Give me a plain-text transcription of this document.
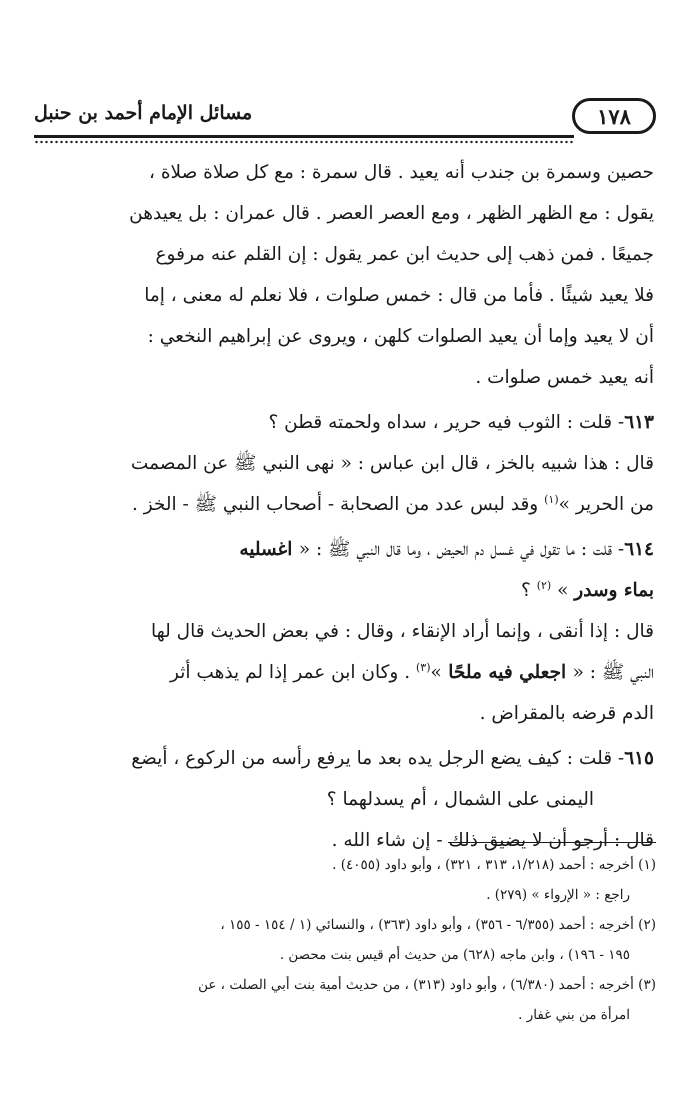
١٧٨
مسائل الإمام أحمد بن حنبل
حصين وسمرة بن جندب أنه يعيد . قال سمرة : مع كل صلاة صلاة ،
يقول : مع الظهر الظهر ، ومع العصر العصر . قال عمران : بل يعيدهن
جميعًا . فمن ذهب إلى حديث ابن عمر يقول : إن القلم عنه مرفوع
فلا يعيد شيئًا . فأما من قال : خمس صلوات ، فلا نعلم له معنى ، إما
أن لا يعيد وإما أن يعيد الصلوات كلهن ، ويروى عن إبراهيم النخعي :
أنه يعيد خمس صلوات .
٦١٣- قلت : الثوب فيه حرير ، سداه ولحمته قطن ؟
قال : هذا شبيه بالخز ، قال ابن عباس : « نهى النبي ﷺ عن المصمت
من الحرير »$^{(١)}$ وقد لبس عدد من الصحابة - أصحاب النبي ﷺ - الخز .
٦١٤- قلت : ما تقول في غسل دم الحيض ، وما قال النبي ﷺ : « اغسليه
بماء وسدر » $^{(٢)}$ ؟
قال : إذا أنقى ، وإنما أراد الإنقاء ، وقال : في بعض الحديث قال لها
النبي ﷺ : « اجعلي فيه ملحًا »$^{(٣)}$ . وكان ابن عمر إذا لم يذهب أثر
الدم قرضه بالمقراض .
٦١٥- قلت : كيف يضع الرجل يده بعد ما يرفع رأسه من الركوع ، أيضع
اليمنى على الشمال ، أم يسدلهما ؟
قال : أرجو أن لا يضيق ذلك - إن شاء الله .
(١) أخرجه : أحمد (١/٢١٨، ٣١٣ ، ٣٢١) ، وأبو داود (٤٠٥٥) .
راجع : « الإرواء » (٢٧٩) .
(٢) أخرجه : أحمد (٦/٣٥٥ - ٣٥٦) ، وأبو داود (٣٦٣) ، والنسائي (١ / ١٥٤ - ١٥٥ ،
١٩٥ - ١٩٦) ، وابن ماجه (٦٢٨) من حديث أم قيس بنت محصن .
(٣) أخرجه : أحمد (٦/٣٨٠) ، وأبو داود (٣١٣) ، من حديث أمية بنت أبي الصلت ، عن
امرأة من بني غفار .
